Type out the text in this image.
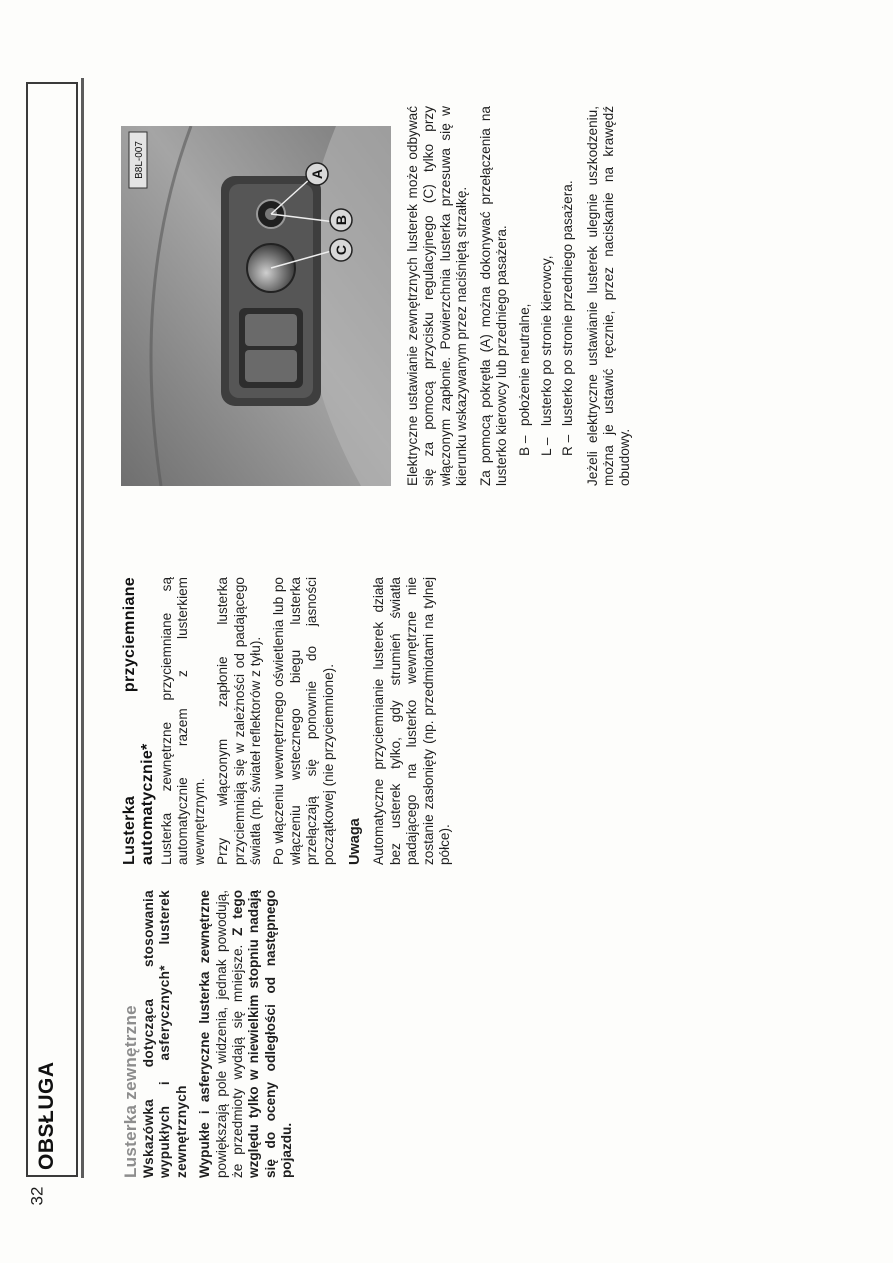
32
OBSŁUGA	Lusterka zewnętrzne Wskazówka dotycząca stosowania wypukłych i asferycznych* lusterek zewnętrznych Wypukłe i asferyczne lusterka zewnętrzne powiększają pole widzenia, jednak powodują, że przedmioty wydają się mniejsze. Z tego względu tylko w niewielkim stopniu nadają się do oceny odległości od następnego pojazdu.

Lusterka przyciemniane automatycznie* Lusterka zewnętrzne przyciemniane są automatycznie razem z lusterkiem wewnętrznym. Przy włączonym zapłonie lusterka przyciemniają się w zależności od padającego światła (np. świateł reflektorów z tyłu). Po włączeniu wewnętrznego oświetlenia lub po włączeniu wstecznego biegu lusterka przełączają się ponownie do jasności początkowej (nie przyciemnione). Uwaga Automatyczne przyciemnianie lusterek działa bez usterek tylko, gdy strumień światła padającego na lusterko wewnętrzne nie zostanie zasłonięty (np. przedmiotami na tylnej półce).

C
B
A
B8L-007	Elektryczne ustawianie zewnętrznych lusterek może odbywać się za pomocą przycisku regulacyjnego (C) tylko przy włączonym zapłonie. Powierzchnia lusterka przesuwa się w kierunku wskazywanym przez naciśniętą strzałkę. Za pomocą pokrętła (A) można dokonywać przełączenia na lusterko kierowcy lub przedniego pasażera. B –
położenie neutralne,
L –
lusterko po stronie kierowcy,
R –
lusterko po stronie przedniego pasażera. Jeżeli elektryczne ustawianie lusterek ulegnie uszkodzeniu, można je ustawić ręcznie, przez naciskanie na krawędź obudowy.
